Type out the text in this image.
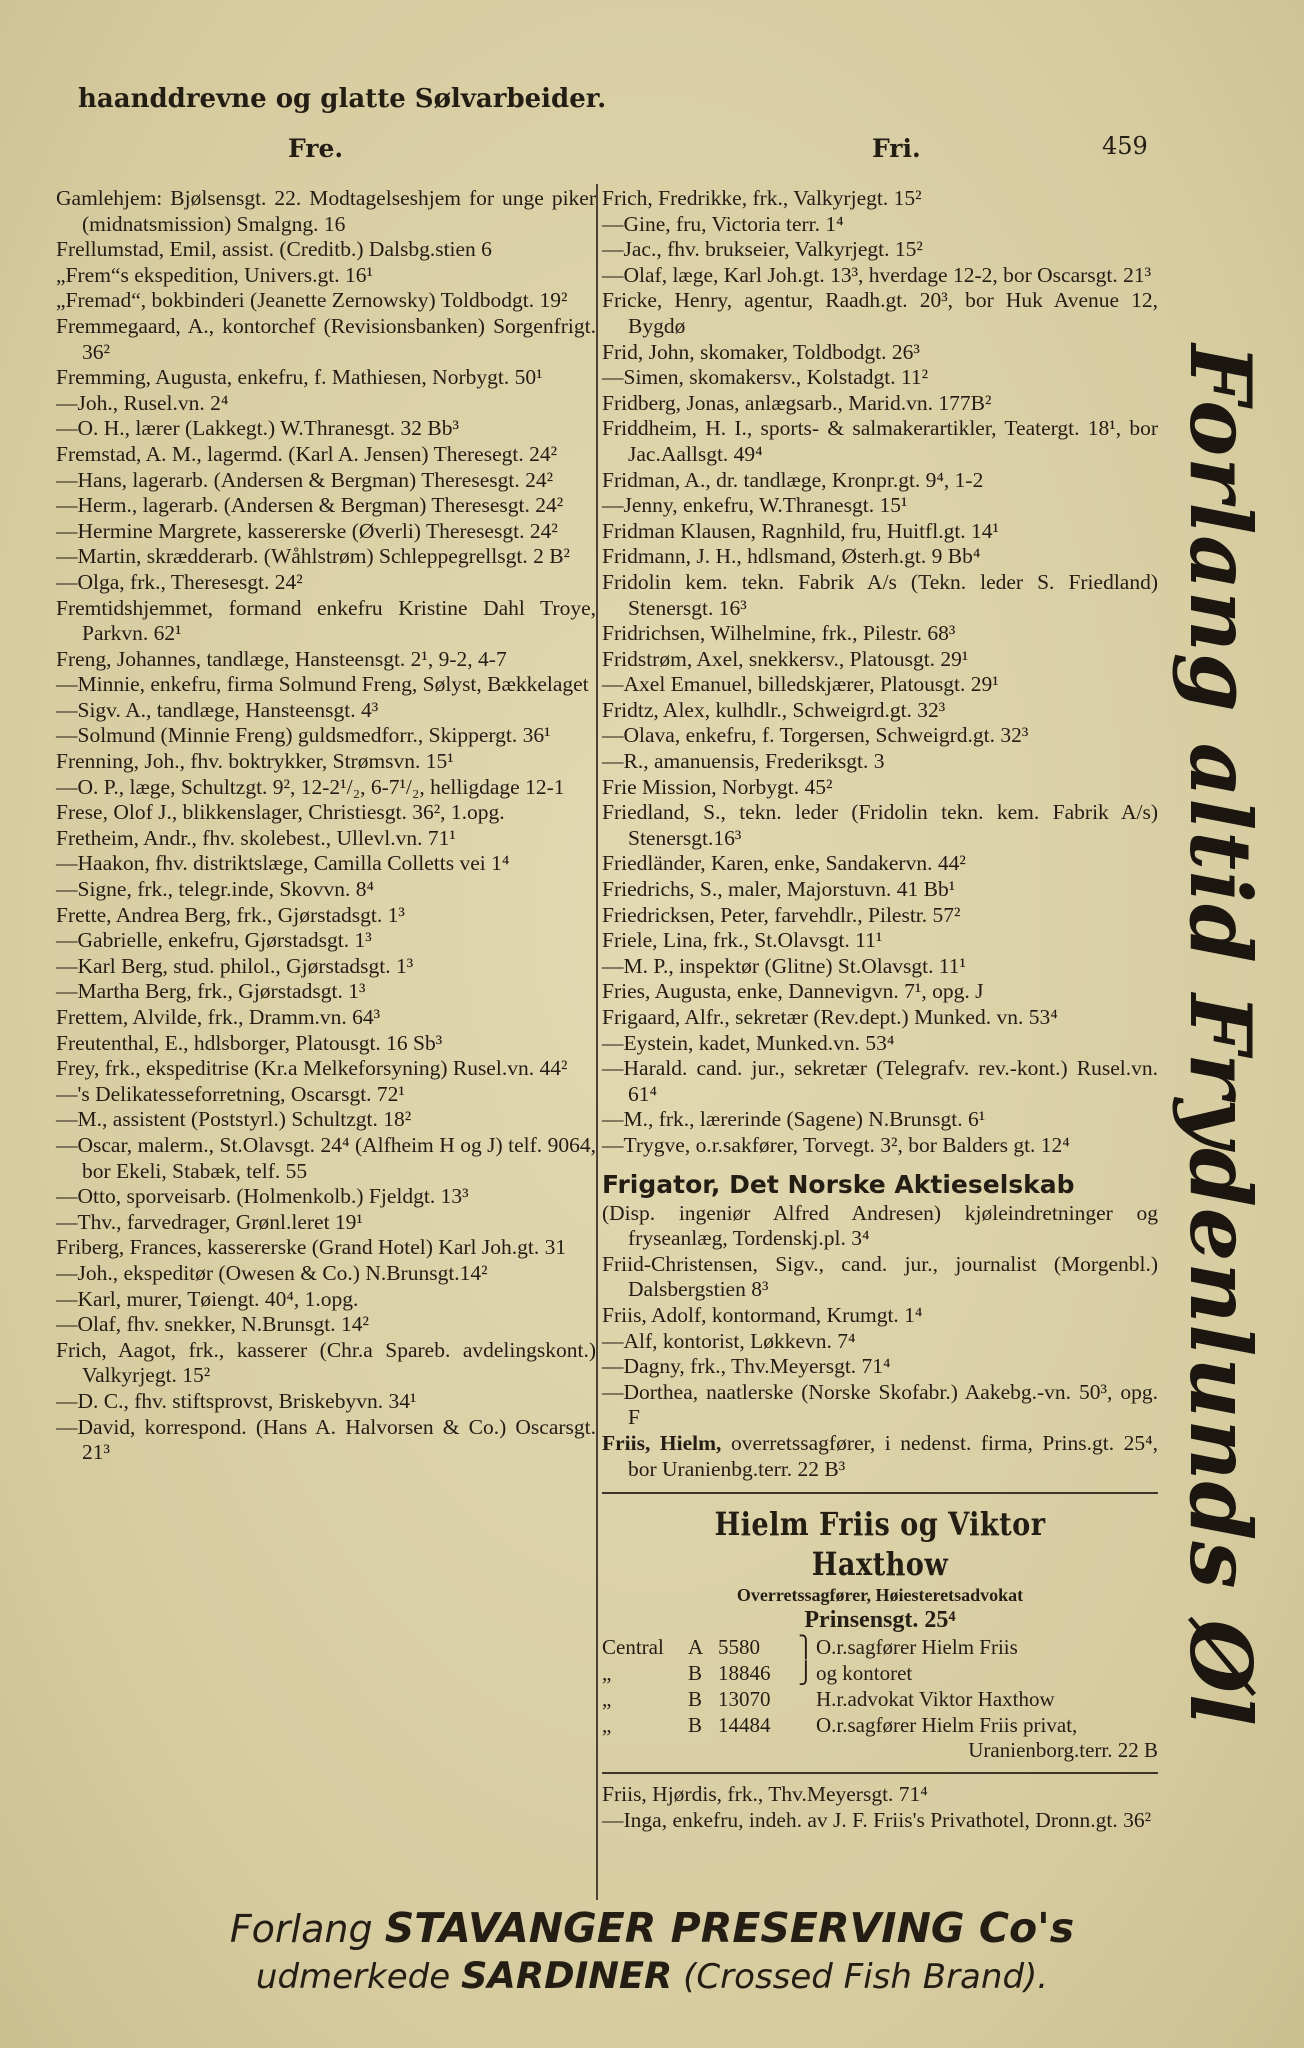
haanddrevne og glatte Sølvarbeider.
Fre.	Fri.	459

Gamlehjem: Bjølsensgt. 22. Modtagelseshjem for unge piker (midnatsmission) Smalgng. 16

Frellumstad, Emil, assist. (Creditb.) Dalsbg.stien 6

„Frem“s ekspedition, Univers.gt. 16¹

„Fremad“, bokbinderi (Jeanette Zernowsky) Toldbodgt. 19²

Fremmegaard, A., kontorchef (Revisionsbanken) Sorgenfrigt. 36²

Fremming, Augusta, enkefru, f. Mathiesen, Norbygt. 50¹

—Joh., Rusel.vn. 2⁴

—O. H., lærer (Lakkegt.) W.Thranesgt. 32 Bb³

Fremstad, A. M., lagermd. (Karl A. Jensen) Theresegt. 24²

—Hans, lagerarb. (Andersen & Bergman) Theresesgt. 24²

—Herm., lagerarb. (Andersen & Bergman) Theresesgt. 24²

—Hermine Margrete, kassererske (Øverli) Theresesgt. 24²

—Martin, skrædderarb. (Wåhlstrøm) Schleppegrellsgt. 2 B²

—Olga, frk., Theresesgt. 24²

Fremtidshjemmet, formand enkefru Kristine Dahl Troye, Parkvn. 62¹

Freng, Johannes, tandlæge, Hansteensgt. 2¹, 9-2, 4-7

—Minnie, enkefru, firma Solmund Freng, Sølyst, Bækkelaget

—Sigv. A., tandlæge, Hansteensgt. 4³

—Solmund (Minnie Freng) guldsmedforr., Skippergt. 36¹

Frenning, Joh., fhv. boktrykker, Strømsvn. 15¹

—O. P., læge, Schultzgt. 9², 12-2¹/₂, 6-7¹/₂, helligdage 12-1

Frese, Olof J., blikkenslager, Christiesgt. 36², 1.opg.

Fretheim, Andr., fhv. skolebest., Ullevl.vn. 71¹

—Haakon, fhv. distriktslæge, Camilla Colletts vei 1⁴

—Signe, frk., telegr.inde, Skovvn. 8⁴

Frette, Andrea Berg, frk., Gjørstadsgt. 1³

—Gabrielle, enkefru, Gjørstadsgt. 1³

—Karl Berg, stud. philol., Gjørstadsgt. 1³

—Martha Berg, frk., Gjørstadsgt. 1³

Frettem, Alvilde, frk., Dramm.vn. 64³

Freutenthal, E., hdlsborger, Platousgt. 16 Sb³

Frey, frk., ekspeditrise (Kr.a Melkeforsyning) Rusel.vn. 44²

—'s Delikatesseforretning, Oscarsgt. 72¹

—M., assistent (Poststyrl.) Schultzgt. 18²

—Oscar, malerm., St.Olavsgt. 24⁴ (Alfheim H og J) telf. 9064, bor Ekeli, Stabæk, telf. 55

—Otto, sporveisarb. (Holmenkolb.) Fjeldgt. 13³

—Thv., farvedrager, Grønl.leret 19¹

Friberg, Frances, kassererske (Grand Hotel) Karl Joh.gt. 31

—Joh., ekspeditør (Owesen & Co.) N.Brunsgt.14²

—Karl, murer, Tøiengt. 40⁴, 1.opg.

—Olaf, fhv. snekker, N.Brunsgt. 14²

Frich, Aagot, frk., kasserer (Chr.a Spareb. avdelingskont.) Valkyrjegt. 15²

—D. C., fhv. stiftsprovst, Briskebyvn. 34¹

—David, korrespond. (Hans A. Halvorsen & Co.) Oscarsgt. 21³

Frich, Fredrikke, frk., Valkyrjegt. 15²

—Gine, fru, Victoria terr. 1⁴

—Jac., fhv. brukseier, Valkyrjegt. 15²

—Olaf, læge, Karl Joh.gt. 13³, hverdage 12-2, bor Oscarsgt. 21³

Fricke, Henry, agentur, Raadh.gt. 20³, bor Huk Avenue 12, Bygdø

Frid, John, skomaker, Toldbodgt. 26³

—Simen, skomakersv., Kolstadgt. 11²

Fridberg, Jonas, anlægsarb., Marid.vn. 177B²

Friddheim, H. I., sports- & salmakerartikler, Teatergt. 18¹, bor Jac.Aallsgt. 49⁴

Fridman, A., dr. tandlæge, Kronpr.gt. 9⁴, 1-2

—Jenny, enkefru, W.Thranesgt. 15¹

Fridman Klausen, Ragnhild, fru, Huitfl.gt. 14¹

Fridmann, J. H., hdlsmand, Østerh.gt. 9 Bb⁴

Fridolin kem. tekn. Fabrik A/s (Tekn. leder S. Friedland) Stenersgt. 16³

Fridrichsen, Wilhelmine, frk., Pilestr. 68³

Fridstrøm, Axel, snekkersv., Platousgt. 29¹

—Axel Emanuel, billedskjærer, Platousgt. 29¹

Fridtz, Alex, kulhdlr., Schweigrd.gt. 32³

—Olava, enkefru, f. Torgersen, Schweigrd.gt. 32³

—R., amanuensis, Frederiksgt. 3

Frie Mission, Norbygt. 45²

Friedland, S., tekn. leder (Fridolin tekn. kem. Fabrik A/s) Stenersgt.16³

Friedländer, Karen, enke, Sandakervn. 44²

Friedrichs, S., maler, Majorstuvn. 41 Bb¹

Friedricksen, Peter, farvehdlr., Pilestr. 57²

Friele, Lina, frk., St.Olavsgt. 11¹

—M. P., inspektør (Glitne) St.Olavsgt. 11¹

Fries, Augusta, enke, Dannevigvn. 7¹, opg. J

Frigaard, Alfr., sekretær (Rev.dept.) Munked. vn. 53⁴

—Eystein, kadet, Munked.vn. 53⁴

—Harald. cand. jur., sekretær (Telegrafv. rev.-kont.) Rusel.vn. 61⁴

—M., frk., lærerinde (Sagene) N.Brunsgt. 6¹

—Trygve, o.r.sakfører, Torvegt. 3², bor Balders gt. 12⁴

Frigator, Det Norske Aktieselskab

(Disp. ingeniør Alfred Andresen) kjøleindretninger og fryseanlæg, Tordenskj.pl. 3⁴

Friid-Christensen, Sigv., cand. jur., journalist (Morgenbl.) Dalsbergstien 8³

Friis, Adolf, kontormand, Krumgt. 1⁴

—Alf, kontorist, Løkkevn. 7⁴

—Dagny, frk., Thv.Meyersgt. 71⁴

—Dorthea, naatlerske (Norske Skofabr.) Aakebg.-vn. 50³, opg. F

Friis, Hielm, overretssagfører, i nedenst. firma, Prins.gt. 25⁴, bor Uranienbg.terr. 22 B³

Hielm Friis og Viktor Haxthow
Overretssagfører, Høiesteretsadvokat
Prinsensgt. 25⁴
Central	A 5580	⎫ O.r.sagfører Hielm Friis
„	B 18846	⎭ og kontoret
„	B 13070	H.r.advokat Viktor Haxthow
„	B 14484	O.r.sagfører Hielm Friis privat,
Uranienborg.terr. 22 B

Friis, Hjørdis, frk., Thv.Meyersgt. 71⁴

—Inga, enkefru, indeh. av J. F. Friis's Privathotel, Dronn.gt. 36²

Forlang altid Frydenlunds Øl
Forlang STAVANGER PRESERVING Co's
udmerkede SARDINER (Crossed Fish Brand).
